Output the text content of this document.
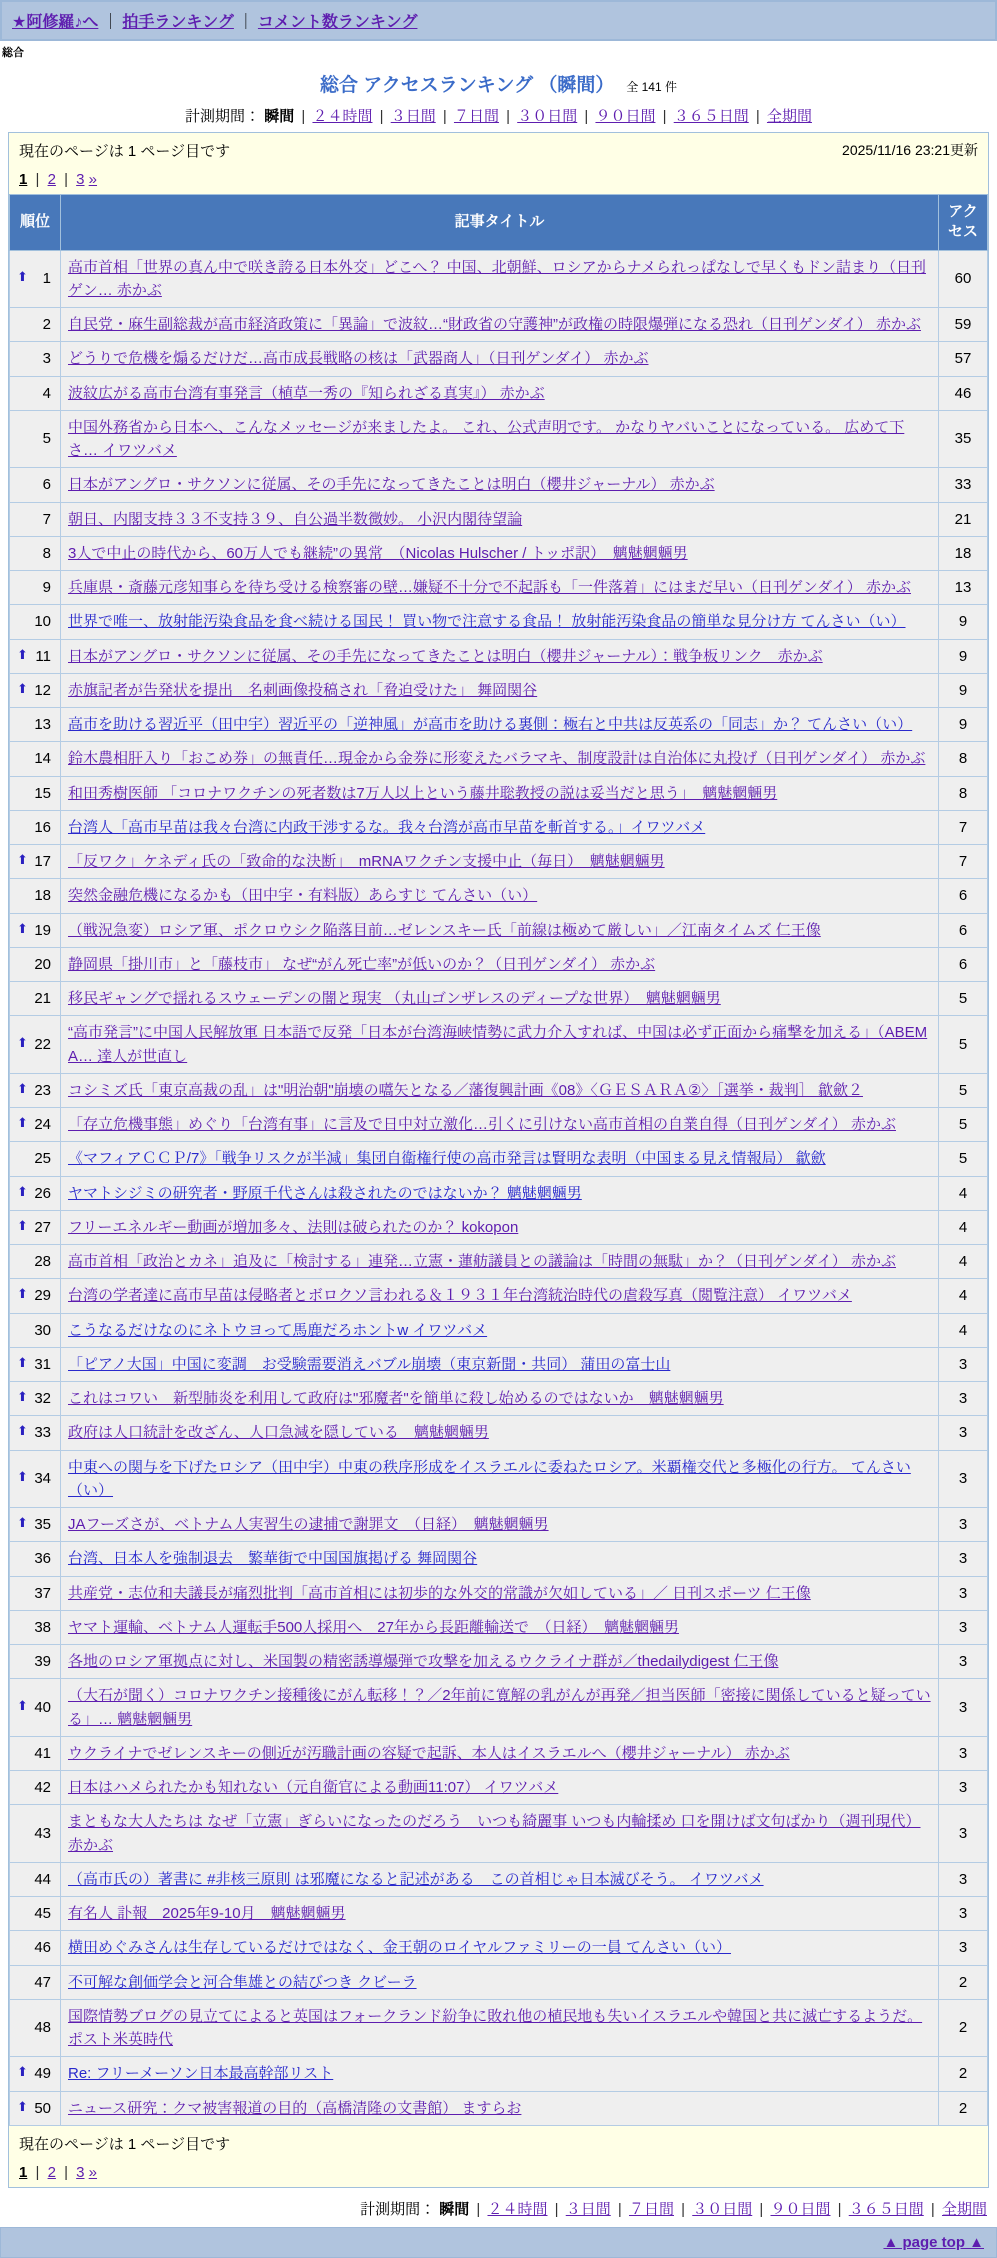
★阿修羅♪へ ｜ 拍手ランキング ｜ コメント数ランキング
総合
総合 アクセスランキング （瞬間） 全 141 件
計測期間： 瞬間 | ２４時間 | ３日間 | ７日間 | ３０日間 | ９０日間 | ３６５日間 | 全期間
現在のページは 1 ページ目です	2025/11/16 23:21更新
1 | 2 | 3 »
順位	記事タイトル	アクセス

⬆ 1	高市首相「世界の真ん中で咲き誇る日本外交」どこへ？ 中国、北朝鮮、ロシアからナメられっぱなしで早くもドン詰まり（日刊ゲン… 赤かぶ	60
2	自民党・麻生副総裁が高市経済政策に「異論」で波紋…“財政省の守護神”が政権の時限爆弾になる恐れ（日刊ゲンダイ） 赤かぶ	59
3	どうりで危機を煽るだけだ…高市成長戦略の核は「武器商人」（日刊ゲンダイ） 赤かぶ	57
4	波紋広がる高市台湾有事発言（植草一秀の『知られざる真実』） 赤かぶ	46
5	中国外務省から日本へ、こんなメッセージが来ましたよ。 これ、公式声明です。 かなりヤバいことになっている。 広めて下さ… イワツバメ	35
6	日本がアングロ・サクソンに従属、その手先になってきたことは明白（櫻井ジャーナル） 赤かぶ	33
7	朝日、内閣支持３３不支持３９、自公過半数微妙。 小沢内閣待望論	21
8	3人で中止の時代から、60万人でも継続”の異常　（Nicolas Hulscher / トッポ訳）　魑魅魍魎男	18
9	兵庫県・斎藤元彦知事らを待ち受ける検察審の壁…嫌疑不十分で不起訴も「一件落着」にはまだ早い（日刊ゲンダイ） 赤かぶ	13
10	世界で唯一、放射能汚染食品を食べ続ける国民！ 買い物で注意する食品！ 放射能汚染食品の簡単な見分け方 てんさい（い）	9

⬆ 11	日本がアングロ・サクソンに従属、その手先になってきたことは明白（櫻井ジャーナル）：戦争板リンク　赤かぶ	9

⬆ 12	赤旗記者が告発状を提出　名刺画像投稿され「脅迫受けた」 舞岡関谷	9
13	高市を助ける習近平（田中宇）習近平の「逆神風」が高市を助ける裏側：極右と中共は反英系の「同志」か？ てんさい（い）	9
14	鈴木農相肝入り「おこめ券」の無責任…現金から金券に形変えたバラマキ、制度設計は自治体に丸投げ（日刊ゲンダイ） 赤かぶ	8
15	和田秀樹医師 「コロナワクチンの死者数は7万人以上という藤井聡教授の説は妥当だと思う」　魑魅魍魎男	8
16	台湾人「高市早苗は我々台湾に内政干渉するな。我々台湾が高市早苗を斬首する。」イワツバメ	7

⬆ 17	「反ワク」ケネディ氏の「致命的な決断」　mRNAワクチン支援中止（毎日）　魑魅魍魎男	7
18	突然金融危機になるかも（田中宇・有料版）あらすじ てんさい（い）	6

⬆ 19	（戦況急変）ロシア軍、ポクロウシク陥落目前…ゼレンスキー氏「前線は極めて厳しい」／江南タイムズ 仁王像	6
20	静岡県「掛川市」と「藤枝市」 なぜ“がん死亡率”が低いのか？（日刊ゲンダイ） 赤かぶ	6
21	移民ギャングで揺れるスウェーデンの闇と現実 （丸山ゴンザレスのディープな世界）　魑魅魍魎男	5

⬆ 22	“高市発言”に中国人民解放軍 日本語で反発「日本が台湾海峡情勢に武力介入すれば、中国は必ず正面から痛撃を加える」（ABEMA… 達人が世直し	5

⬆ 23	コシミズ氏「東京高裁の乱」は"明治朝"崩壊の嚆矢となる／藩復興計画《08》〈ＧＥＳＡＲＡ②〉［選挙・裁判］ 歙歛２	5

⬆ 24	「存立危機事態」めぐり「台湾有事」に言及で日中対立激化…引くに引けない高市首相の自業自得（日刊ゲンダイ） 赤かぶ	5
25	《マフィアＣＣＰ/7》「戦争リスクが半減」集団自衛権行使の高市発言は賢明な表明（中国まる見え情報局） 歙歛	5

⬆ 26	ヤマトシジミの研究者・野原千代さんは殺されたのではないか？ 魑魅魍魎男	4

⬆ 27	フリーエネルギー動画が増加多々、法則は破られたのか？ kokopon	4
28	高市首相「政治とカネ」追及に「検討する」連発…立憲・蓮舫議員との議論は「時間の無駄」か？（日刊ゲンダイ） 赤かぶ	4

⬆ 29	台湾の学者達に高市早苗は侵略者とボロクソ言われる＆１９３１年台湾統治時代の虐殺写真（閲覧注意） イワツバメ	4
30	こうなるだけなのにネトウヨって馬鹿だろホントw イワツバメ	4

⬆ 31	「ピアノ大国」中国に変調　お受験需要消えバブル崩壊（東京新聞・共同） 蒲田の富士山	3

⬆ 32	これはコワい　新型肺炎を利用して政府は"邪魔者"を簡単に殺し始めるのではないか　魑魅魍魎男	3

⬆ 33	政府は人口統計を改ざん、人口急減を隠している　魑魅魍魎男	3

⬆ 34	中東への関与を下げたロシア（田中宇）中東の秩序形成をイスラエルに委ねたロシア。米覇権交代と多極化の行方。 てんさい（い）	3

⬆ 35	JAフーズさが、ベトナム人実習生の逮捕で謝罪文　（日経）　魑魅魍魎男	3
36	台湾、日本人を強制退去　繁華街で中国国旗掲げる 舞岡関谷	3
37	共産党・志位和夫議長が痛烈批判「高市首相には初歩的な外交的常識が欠如している」／ 日刊スポーツ 仁王像	3
38	ヤマト運輸、ベトナム人運転手500人採用へ　27年から長距離輸送で　（日経）　魑魅魍魎男	3
39	各地のロシア軍拠点に対し、米国製の精密誘導爆弾で攻撃を加えるウクライナ群が／thedailydigest 仁王像	3

⬆ 40	（大石が聞く）コロナワクチン接種後にがん転移！？／2年前に寛解の乳がんが再発／担当医師「密接に関係していると疑っている」… 魑魅魍魎男	3
41	ウクライナでゼレンスキーの側近が汚職計画の容疑で起訴、本人はイスラエルへ（櫻井ジャーナル） 赤かぶ	3
42	日本はハメられたかも知れない（元自衛官による動画11:07） イワツバメ	3
43	まともな大人たちは なぜ「立憲」ぎらいになったのだろう　いつも綺麗事 いつも内輪揉め 口を開けば文句ばかり（週刊現代） 赤かぶ	3
44	（高市氏の）著書に #非核三原則 は邪魔になると記述がある　この首相じゃ日本滅びそう。 イワツバメ	3
45	有名人 訃報　2025年9-10月　魑魅魍魎男	3
46	横田めぐみさんは生存しているだけではなく、金王朝のロイヤルファミリーの一員 てんさい（い）	3
47	不可解な創価学会と河合隼雄との結びつき クビーラ	2
48	国際情勢ブログの見立てによると英国はフォークランド紛争に敗れ他の植民地も失いイスラエルや韓国と共に滅亡するようだ。 ポスト米英時代	2

⬆ 49	Re: フリーメーソン日本最高幹部リスト	2

⬆ 50	ニュース研究：クマ被害報道の目的（高橋清隆の文書館） ますらお	2
現在のページは 1 ページ目です
1 | 2 | 3 »
計測期間： 瞬間 | ２４時間 | ３日間 | ７日間 | ３０日間 | ９０日間 | ３６５日間 | 全期間
▲ page top ▲
